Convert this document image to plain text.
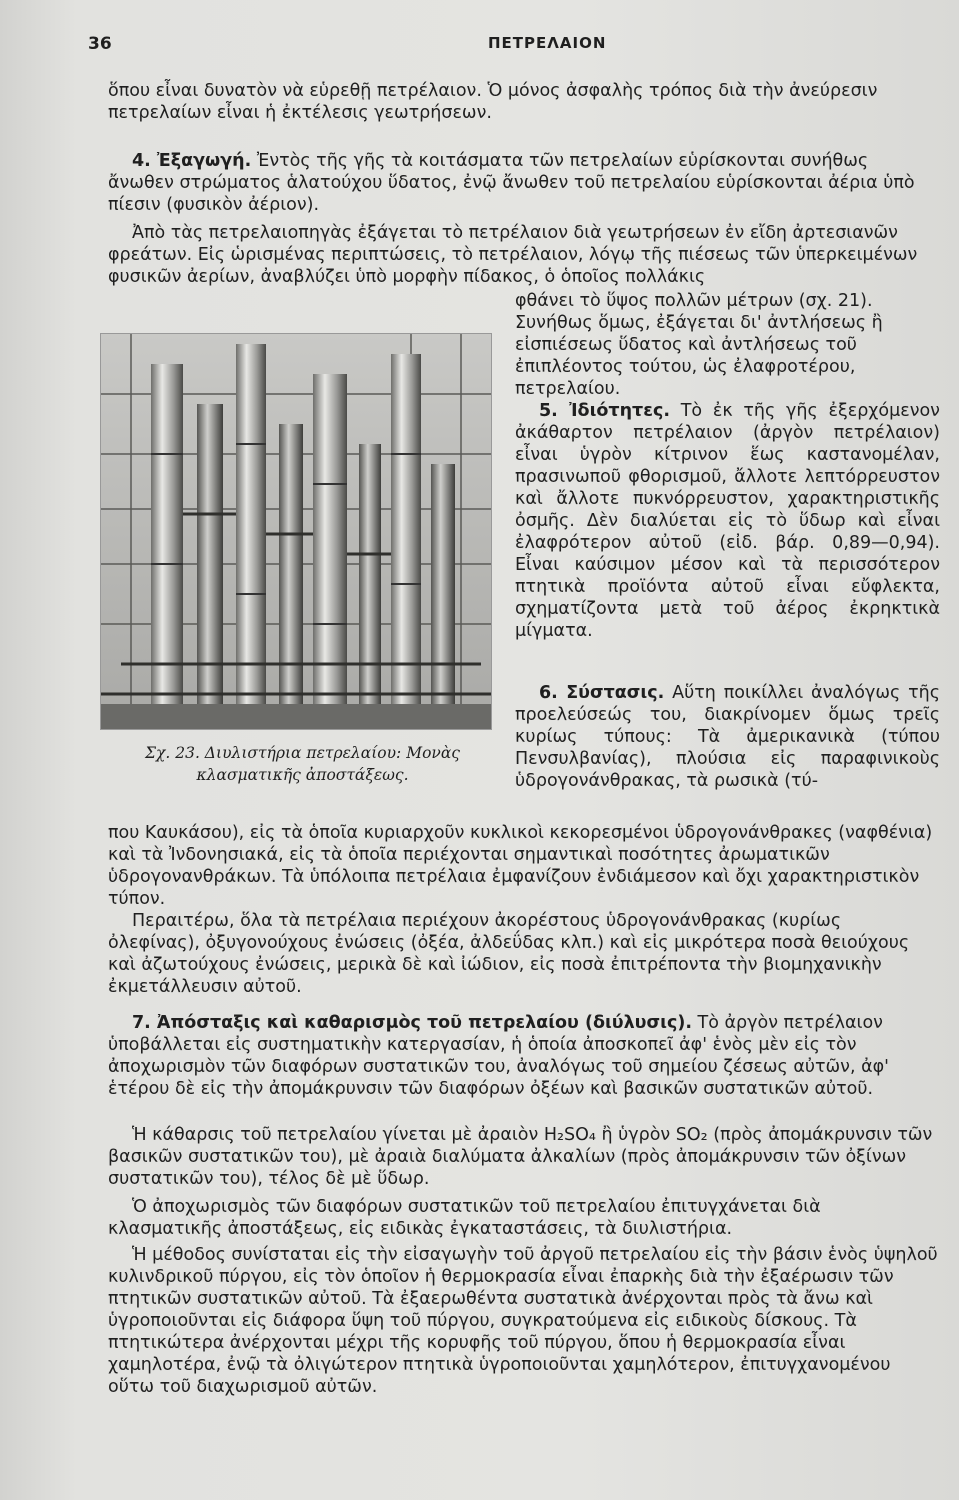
36	ΠΕΤΡΕΛΑΙΟΝ

ὅπου εἶναι δυνατὸν νὰ εὑρεθῇ πετρέλαιον. Ὁ μόνος ἀσφαλὴς τρόπος διὰ τὴν ἀνεύρεσιν πετρελαίων εἶναι ἡ ἐκτέλεσις γεωτρήσεων.

4. Ἐξαγωγή. Ἐντὸς τῆς γῆς τὰ κοιτάσματα τῶν πετρελαίων εὑρίσκονται συνήθως ἄνωθεν στρώματος ἁλατούχου ὕδατος, ἐνῷ ἄνωθεν τοῦ πετρελαίου εὑρίσκονται ἀέρια ὑπὸ πίεσιν (φυσικὸν ἀέριον).

Ἀπὸ τὰς πετρελαιοπηγὰς ἐξάγεται τὸ πετρέλαιον διὰ γεωτρήσεων ἐν εἴδη ἀρτεσιανῶν φρεάτων. Εἰς ὡρισμένας περιπτώσεις, τὸ πετρέλαιον, λόγῳ τῆς πιέσεως τῶν ὑπερκειμένων φυσικῶν ἀερίων, ἀναβλύζει ὑπὸ μορφὴν πίδακος, ὁ ὁποῖος πολλάκις

φθάνει τὸ ὕψος πολλῶν μέτρων (σχ. 21). Συνήθως ὅμως, ἐξάγεται δι' ἀντλήσεως ἢ εἰσπιέσεως ὕδατος καὶ ἀντλήσεως τοῦ ἐπιπλέοντος τούτου, ὡς ἐλαφροτέρου, πετρελαίου.

5. Ἰδιότητες. Τὸ ἐκ τῆς γῆς ἐξερχόμενον ἀκάθαρτον πετρέλαιον (ἀργὸν πετρέλαιον) εἶναι ὑγρὸν κίτρινον ἕως καστανομέλαν, πρασινωποῦ φθορισμοῦ, ἄλλοτε λεπτόρρευστον καὶ ἄλλοτε πυκνόρρευστον, χαρακτηριστικῆς ὀσμῆς. Δὲν διαλύεται εἰς τὸ ὕδωρ καὶ εἶναι ἐλαφρότερον αὐτοῦ (εἰδ. βάρ. 0,89—0,94). Εἶναι καύσιμον μέσον καὶ τὰ περισσότερον πτητικὰ προϊόντα αὐτοῦ εἶναι εὔφλεκτα, σχηματίζοντα μετὰ τοῦ ἀέρος ἐκρηκτικὰ μίγματα.

6. Σύστασις. Αὕτη ποικίλλει ἀναλόγως τῆς προελεύσεώς του, διακρίνομεν ὅμως τρεῖς κυρίως τύπους: Τὰ ἀμερικανικὰ (τύπου Πενσυλβανίας), πλούσια εἰς παραφινικοὺς ὑδρογονάνθρακας, τὰ ρωσικὰ (τύ-

Σχ. 23. Διυλιστήρια πετρελαίου: Μονὰς
κλασματικῆς ἀποστάξεως.

που Καυκάσου), εἰς τὰ ὁποῖα κυριαρχοῦν κυκλικοὶ κεκορεσμένοι ὑδρογονάνθρακες (ναφθένια) καὶ τὰ Ἰνδονησιακά, εἰς τὰ ὁποῖα περιέχονται σημαντικαὶ ποσότητες ἀρωματικῶν ὑδρογονανθράκων. Τὰ ὑπόλοιπα πετρέλαια ἐμφανίζουν ἐνδιάμεσον καὶ ὄχι χαρακτηριστικὸν τύπον.

Περαιτέρω, ὅλα τὰ πετρέλαια περιέχουν ἀκορέστους ὑδρογονάνθρακας (κυρίως ὀλεφίνας), ὀξυγονούχους ἐνώσεις (ὀξέα, ἀλδεΰδας κλπ.) καὶ εἰς μικρότερα ποσὰ θειούχους καὶ ἀζωτούχους ἐνώσεις, μερικὰ δὲ καὶ ἰώδιον, εἰς ποσὰ ἐπιτρέποντα τὴν βιομηχανικὴν ἐκμετάλλευσιν αὐτοῦ.

7. Ἀπόσταξις καὶ καθαρισμὸς τοῦ πετρελαίου (διύλυσις). Τὸ ἀργὸν πετρέλαιον ὑποβάλλεται εἰς συστηματικὴν κατεργασίαν, ἡ ὁποία ἀποσκοπεῖ ἀφ' ἑνὸς μὲν εἰς τὸν ἀποχωρισμὸν τῶν διαφόρων συστατικῶν του, ἀναλόγως τοῦ σημείου ζέσεως αὐτῶν, ἀφ' ἑτέρου δὲ εἰς τὴν ἀπομάκρυνσιν τῶν διαφόρων ὀξέων καὶ βασικῶν συστατικῶν αὐτοῦ.

Ἡ κάθαρσις τοῦ πετρελαίου γίνεται μὲ ἀραιὸν H₂SO₄ ἢ ὑγρὸν SO₂ (πρὸς ἀπομάκρυνσιν τῶν βασικῶν συστατικῶν του), μὲ ἀραιὰ διαλύματα ἀλκαλίων (πρὸς ἀπομάκρυνσιν τῶν ὀξίνων συστατικῶν του), τέλος δὲ μὲ ὕδωρ.

Ὁ ἀποχωρισμὸς τῶν διαφόρων συστατικῶν τοῦ πετρελαίου ἐπιτυγχάνεται διὰ κλασματικῆς ἀποστάξεως, εἰς ειδικὰς ἐγκαταστάσεις, τὰ διυλιστήρια.

Ἡ μέθοδος συνίσταται εἰς τὴν εἰσαγωγὴν τοῦ ἀργοῦ πετρελαίου εἰς τὴν βάσιν ἑνὸς ὑψηλοῦ κυλινδρικοῦ πύργου, εἰς τὸν ὁποῖον ἡ θερμοκρασία εἶναι ἐπαρκὴς διὰ τὴν ἐξαέρωσιν τῶν πτητικῶν συστατικῶν αὐτοῦ. Τὰ ἐξαερωθέντα συστατικὰ ἀνέρχονται πρὸς τὰ ἄνω καὶ ὑγροποιοῦνται εἰς διάφορα ὕψη τοῦ πύργου, συγκρατούμενα εἰς ειδικοὺς δίσκους. Τὰ πτητικώτερα ἀνέρχονται μέχρι τῆς κορυφῆς τοῦ πύργου, ὅπου ἡ θερμοκρασία εἶναι χαμηλοτέρα, ἐνῷ τὰ ὀλιγώτερον πτητικὰ ὑγροποιοῦνται χαμηλότερον, ἐπιτυγχανομένου οὕτω τοῦ διαχωρισμοῦ αὐτῶν.
